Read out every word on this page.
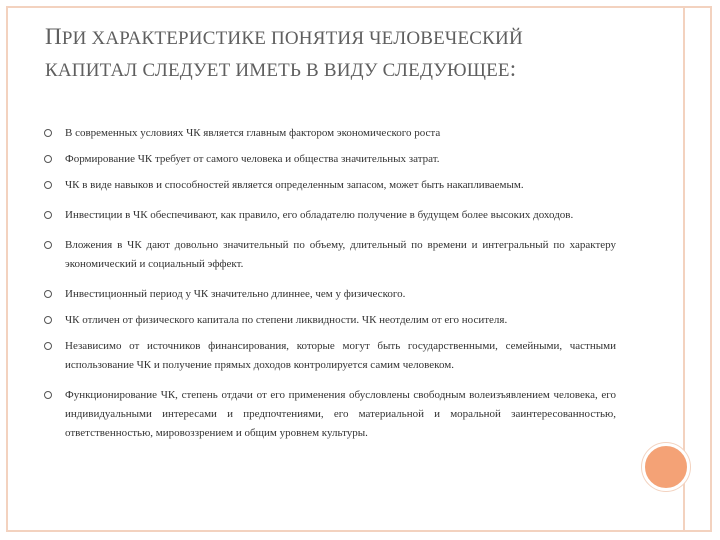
ПРИ ХАРАКТЕРИСТИКЕ ПОНЯТИЯ ЧЕЛОВЕЧЕСКИЙ
КАПИТАЛ СЛЕДУЕТ ИМЕТЬ В ВИДУ СЛЕДУЮЩЕЕ:
В современных условиях ЧК является главным фактором экономического роста
Формирование ЧК требует от самого человека и общества значительных затрат.
ЧК в виде навыков и способностей является определенным запасом, может быть накапливаемым.
Инвестиции в ЧК обеспечивают, как правило, его обладателю получение в будущем более высоких доходов.
Вложения в ЧК дают довольно значительный по объему, длительный по времени и интегральный по характеру экономический и социальный эффект.
Инвестиционный период у ЧК значительно длиннее, чем у физического.
ЧК отличен от физического капитала по степени ликвидности. ЧК неотделим от его носителя.
Независимо от источников финансирования, которые могут быть государственными, семейными, частными использование ЧК и получение прямых доходов контролируется самим человеком.
Функционирование ЧК, степень отдачи от его применения обусловлены свободным волеизъявлением человека, его индивидуальными интересами и предпочтениями, его материальной и моральной заинтересованностью, ответственностью, мировоззрением и общим уровнем культуры.
